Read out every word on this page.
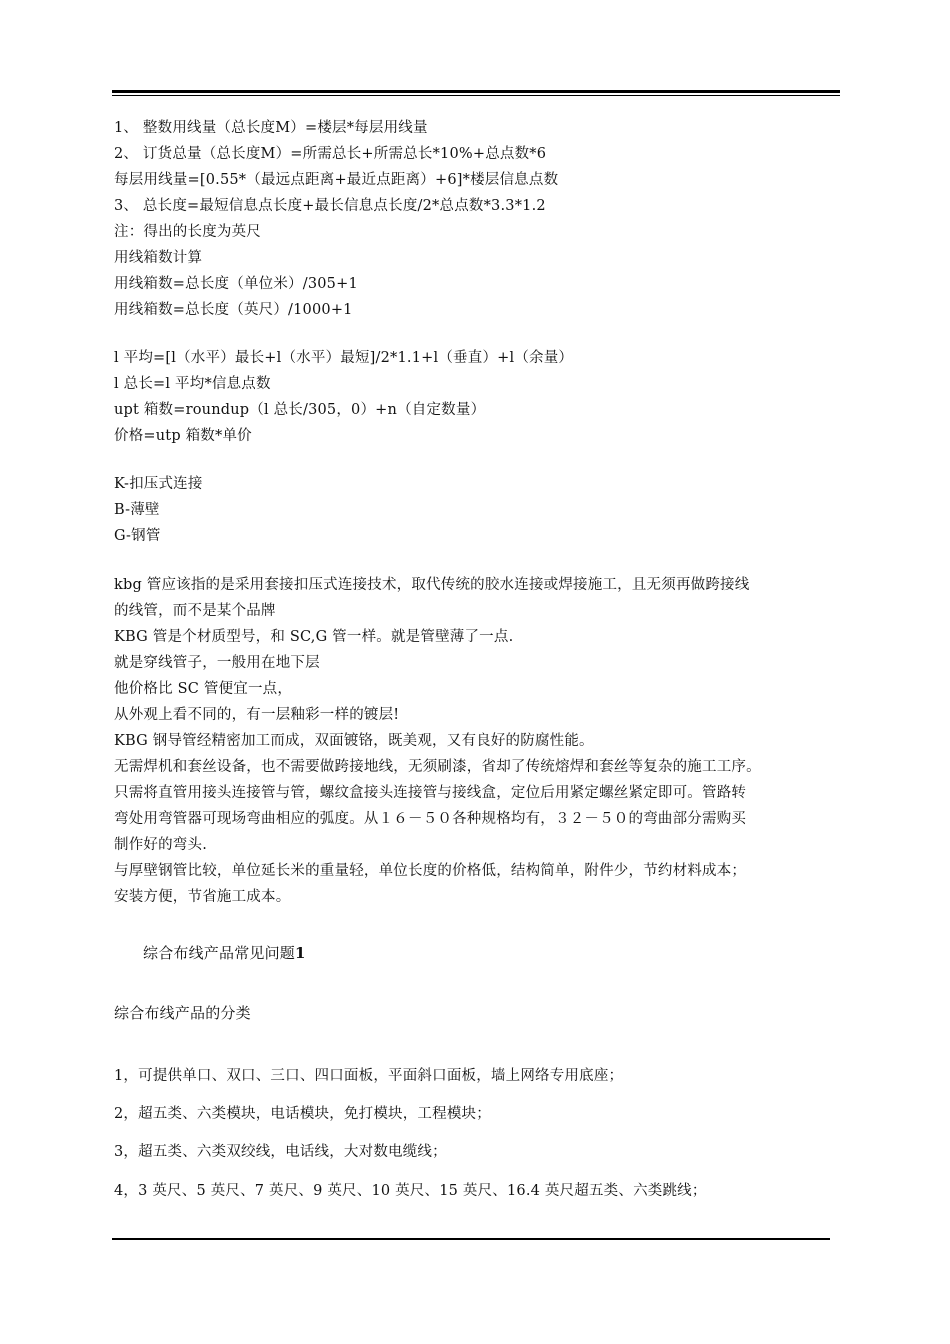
1、 整数用线量（总长度M）=楼层*每层用线量
2、 订货总量（总长度M）=所需总长+所需总长*10%+总点数*6
每层用线量=[0.55*（最远点距离+最近点距离）+6]*楼层信息点数
3、 总长度=最短信息点长度+最长信息点长度/2*总点数*3.3*1.2
注：得出的长度为英尺
用线箱数计算
用线箱数=总长度（单位米）/305+1
用线箱数=总长度（英尺）/1000+1
l 平均=[l（水平）最长+l（水平）最短]/2*1.1+l（垂直）+l（余量）
l 总长=l 平均*信息点数
upt 箱数=roundup（l 总长/305，0）+n（自定数量）
价格=utp 箱数*单价
K-扣压式连接
B-薄壁
G-钢管
kbg 管应该指的是采用套接扣压式连接技术，取代传统的胶水连接或焊接施工，且无须再做跨接线
的线管，而不是某个品牌
KBG 管是个材质型号，和 SC,G 管一样。就是管壁薄了一点.
就是穿线管子，一般用在地下层
他价格比 SC 管便宜一点，
从外观上看不同的，有一层釉彩一样的镀层!
KBG 钢导管经精密加工而成，双面镀铬，既美观，又有良好的防腐性能。
无需焊机和套丝设备，也不需要做跨接地线，无须刷漆，省却了传统熔焊和套丝等复杂的施工工序。
只需将直管用接头连接管与管，螺纹盒接头连接管与接线盒，定位后用紧定螺丝紧定即可。管路转
弯处用弯管器可现场弯曲相应的弧度。从１６－５０各种规格均有，３２－５０的弯曲部分需购买
制作好的弯头.
与厚壁钢管比较，单位延长米的重量轻，单位长度的价格低，结构简单，附件少，节约材料成本；
安装方便，节省施工成本。
综合布线产品常见问题1
综合布线产品的分类
1，可提供单口、双口、三口、四口面板，平面斜口面板，墙上网络专用底座；
2，超五类、六类模块，电话模块，免打模块，工程模块；
3，超五类、六类双绞线，电话线，大对数电缆线；
4，3 英尺、5 英尺、7 英尺、9 英尺、10 英尺、15 英尺、16.4 英尺超五类、六类跳线；
